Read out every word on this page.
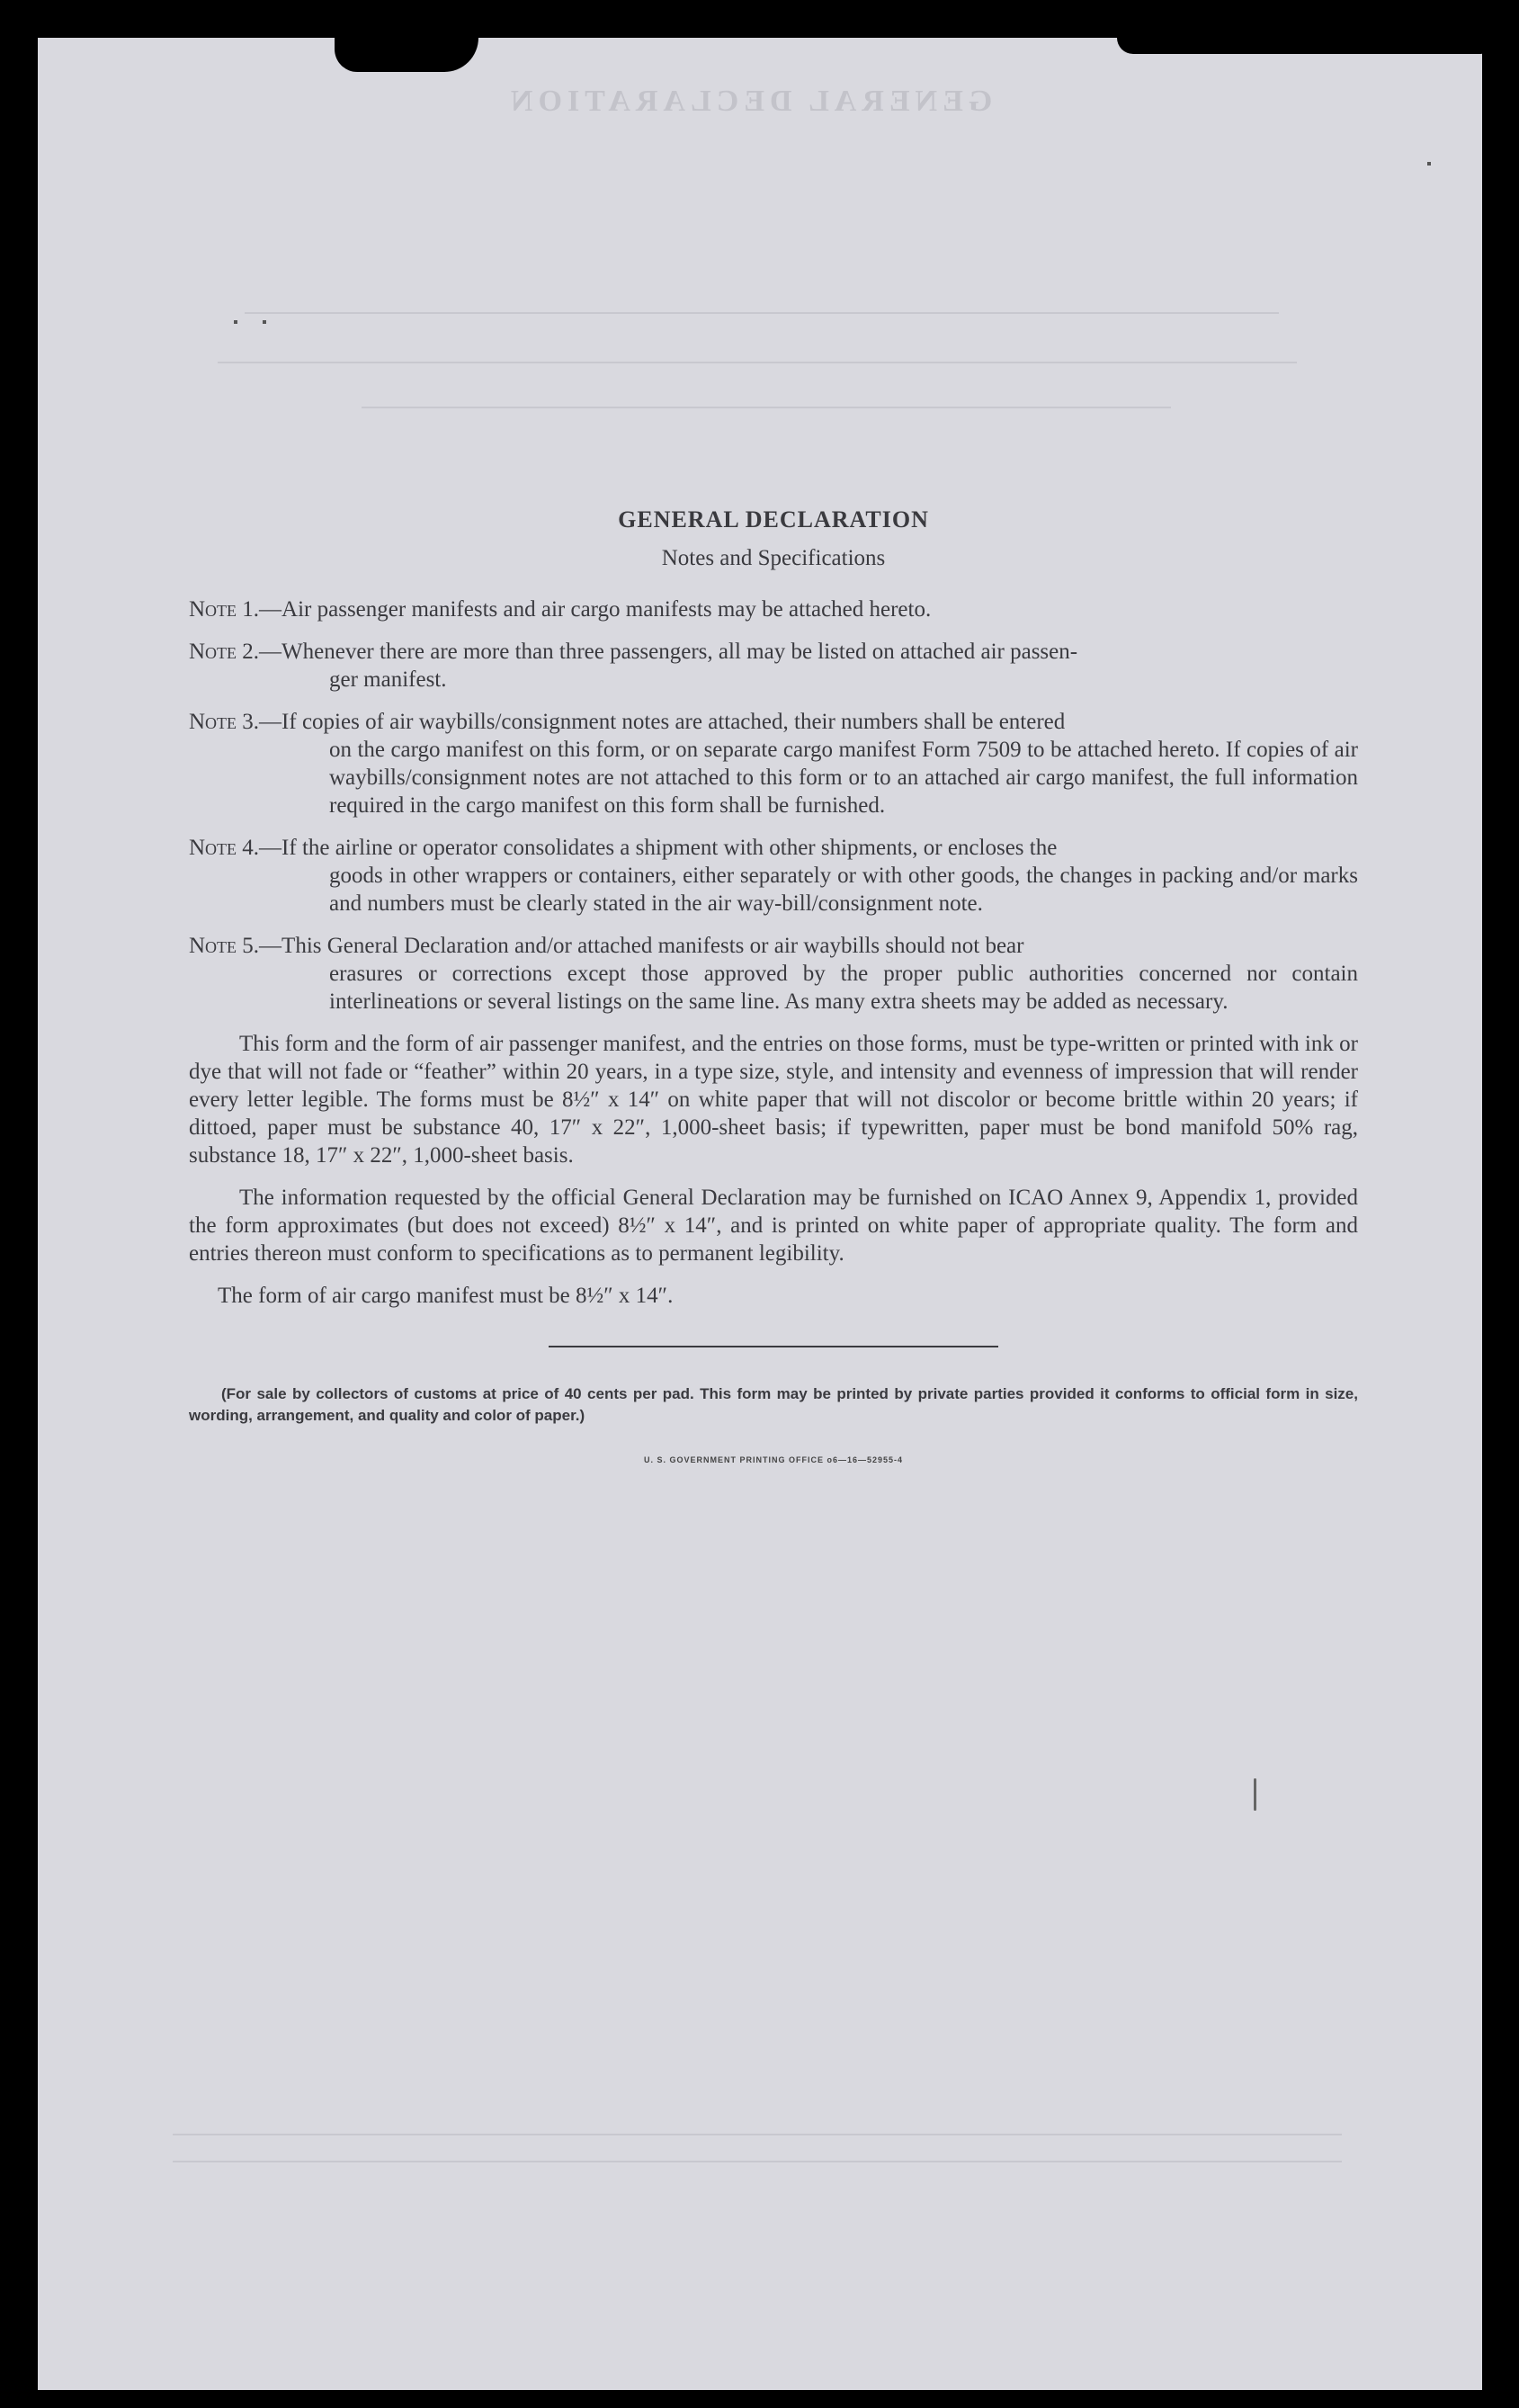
GENERAL DECLARATION
GENERAL DECLARATION
Notes and Specifications
Note 1. —Air passenger manifests and air cargo manifests may be attached hereto.
Note 2. —Whenever there are more than three passengers, all may be listed on attached air passen-
ger manifest.
Note 3. —If copies of air waybills/consignment notes are attached, their numbers shall be entered
on the cargo manifest on this form, or on separate cargo manifest Form 7509 to be attached hereto. If copies of air waybills/consignment notes are not attached to this form or to an attached air cargo manifest, the full information required in the cargo manifest on this form shall be furnished.
Note 4. —If the airline or operator consolidates a shipment with other shipments, or encloses the
goods in other wrappers or containers, either separately or with other goods, the changes in packing and/or marks and numbers must be clearly stated in the air way-bill/consignment note.
Note 5. —This General Declaration and/or attached manifests or air waybills should not bear
erasures or corrections except those approved by the proper public authorities concerned nor contain interlineations or several listings on the same line. As many extra sheets may be added as necessary.
This form and the form of air passenger manifest, and the entries on those forms, must be type-written or printed with ink or dye that will not fade or “feather” within 20 years, in a type size, style, and intensity and evenness of impression that will render every letter legible. The forms must be 8½″ x 14″ on white paper that will not discolor or become brittle within 20 years; if dittoed, paper must be substance 40, 17″ x 22″, 1,000-sheet basis; if typewritten, paper must be bond manifold 50% rag, substance 18, 17″ x 22″, 1,000-sheet basis.
The information requested by the official General Declaration may be furnished on ICAO Annex 9, Appendix 1, provided the form approximates (but does not exceed) 8½″ x 14″, and is printed on white paper of appropriate quality. The form and entries thereon must conform to specifications as to permanent legibility.
The form of air cargo manifest must be 8½″ x 14″.
(For sale by collectors of customs at price of 40 cents per pad. This form may be printed by private parties provided it conforms to official form in size, wording, arrangement, and quality and color of paper.)
U. S. GOVERNMENT PRINTING OFFICE o6—16—52955-4
